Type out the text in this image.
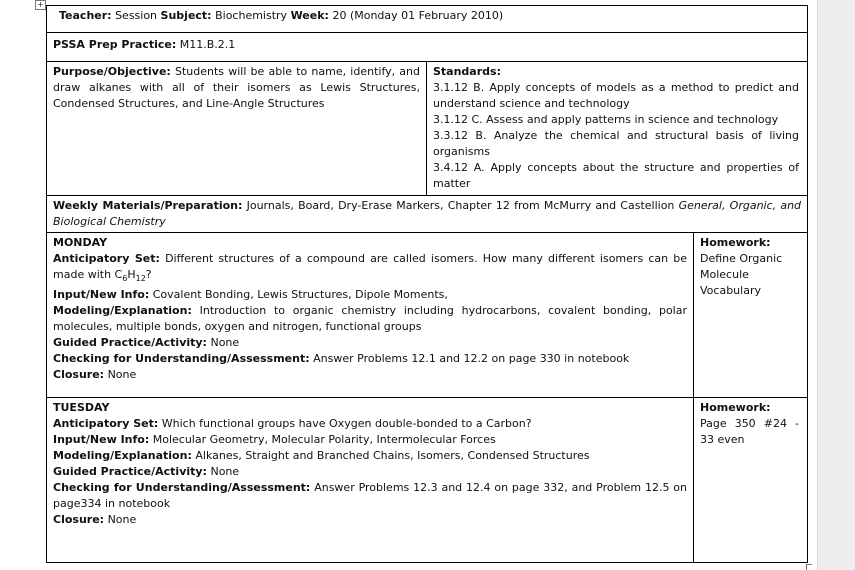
+
Teacher: Session Subject: Biochemistry Week: 20 (Monday 01 February 2010)
PSSA Prep Practice: M11.B.2.1
Purpose/Objective: Students will be able to name, identify, and draw alkanes with all of their isomers as Lewis Structures, Condensed Structures, and Line-Angle Structures
Standards:
3.1.12 B. Apply concepts of models as a method to predict and understand science and technology
3.1.12 C. Assess and apply patterns in science and technology
3.3.12 B. Analyze the chemical and structural basis of living organisms
3.4.12 A. Apply concepts about the structure and properties of matter
Weekly Materials/Preparation: Journals, Board, Dry-Erase Markers, Chapter 12 from McMurry and Castellion General, Organic, and Biological Chemistry
MONDAY
Anticipatory Set: Different structures of a compound are called isomers. How many different isomers can be made with $C_6H_{12}$?
Input/New Info: Covalent Bonding, Lewis Structures, Dipole Moments,
Modeling/Explanation: Introduction to organic chemistry including hydrocarbons, covalent bonding, polar molecules, multiple bonds, oxygen and nitrogen, functional groups
Guided Practice/Activity: None
Checking for Understanding/Assessment: Answer Problems 12.1 and 12.2 on page 330 in notebook
Closure: None
Homework:
Define Organic Molecule Vocabulary
TUESDAY
Anticipatory Set: Which functional groups have Oxygen double-bonded to a Carbon?
Input/New Info: Molecular Geometry, Molecular Polarity, Intermolecular Forces
Modeling/Explanation: Alkanes, Straight and Branched Chains, Isomers, Condensed Structures
Guided Practice/Activity: None
Checking for Understanding/Assessment: Answer Problems 12.3 and 12.4 on page 332, and Problem 12.5 on page334 in notebook
Closure: None
Homework:
Page 350 #24 - 33 even
